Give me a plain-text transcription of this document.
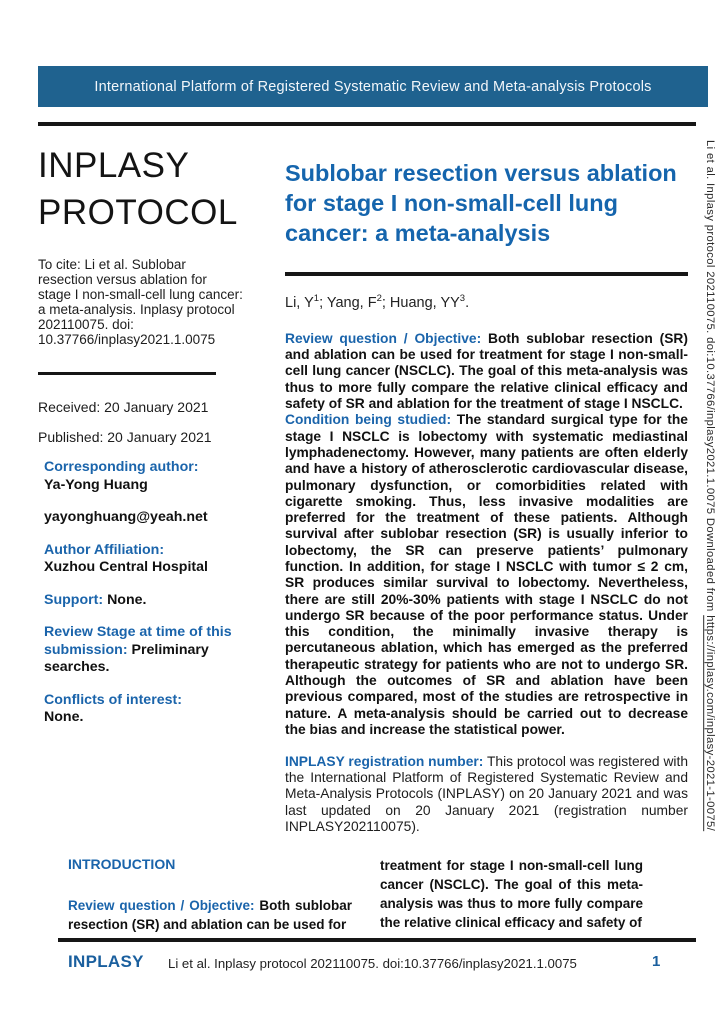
International Platform of Registered Systematic Review and Meta-analysis Protocols
INPLASY
PROTOCOL
To cite: Li et al. Sublobar resection versus ablation for stage I non-small-cell lung cancer: a meta-analysis. Inplasy protocol 202110075. doi: 10.37766/inplasy2021.1.0075
Received: 20 January 2021
Published: 20 January 2021
Corresponding author:
Ya-Yong Huang
yayonghuang@yeah.net
Author Affiliation:
Xuzhou Central Hospital
Support: None.
Review Stage at time of this submission: Preliminary searches.
Conflicts of interest:
None.
Sublobar resection versus ablation for stage I non-small-cell lung cancer: a meta-analysis
Li, $Y^1$; Yang, $F^2$; Huang, $YY^3$.

Review question / Objective: Both sublobar resection (SR) and ablation can be used for treatment for stage I non-small-cell lung cancer (NSCLC). The goal of this meta-analysis was thus to more fully compare the relative clinical efficacy and safety of SR and ablation for the treatment of stage I NSCLC.

Condition being studied: The standard surgical type for the stage I NSCLC is lobectomy with systematic mediastinal lymphadenectomy. However, many patients are often elderly and have a history of atherosclerotic cardiovascular disease, pulmonary dysfunction, or comorbidities related with cigarette smoking. Thus, less invasive modalities are preferred for the treatment of these patients. Although survival after sublobar resection (SR) is usually inferior to lobectomy, the SR can preserve patients’ pulmonary function. In addition, for stage I NSCLC with tumor ≤ 2 cm, SR produces similar survival to lobectomy. Nevertheless, there are still 20%-30% patients with stage I NSCLC do not undergo SR because of the poor performance status. Under this condition, the minimally invasive therapy is percutaneous ablation, which has emerged as the preferred therapeutic strategy for patients who are not to undergo SR. Although the outcomes of SR and ablation have been previous compared, most of the studies are retrospective in nature. A meta-analysis should be carried out to decrease the bias and increase the statistical power.

INPLASY registration number: This protocol was registered with the International Platform of Registered Systematic Review and Meta-Analysis Protocols (INPLASY) on 20 January 2021 and was last updated on 20 January 2021 (registration number INPLASY202110075).
INTRODUCTION
Review question / Objective: Both sublobar resection (SR) and ablation can be used for
treatment for stage I non-small-cell lung cancer (NSCLC). The goal of this meta-analysis was thus to more fully compare the relative clinical efficacy and safety of
INPLASY Li et al. Inplasy protocol 202110075. doi:10.37766/inplasy2021.1.0075	1
Li et al. Inplasy protocol 202110075. doi:10.37766/inplasy2021.1.0075 Downloaded from https://inplasy.com/inplasy-2021-1-0075/
